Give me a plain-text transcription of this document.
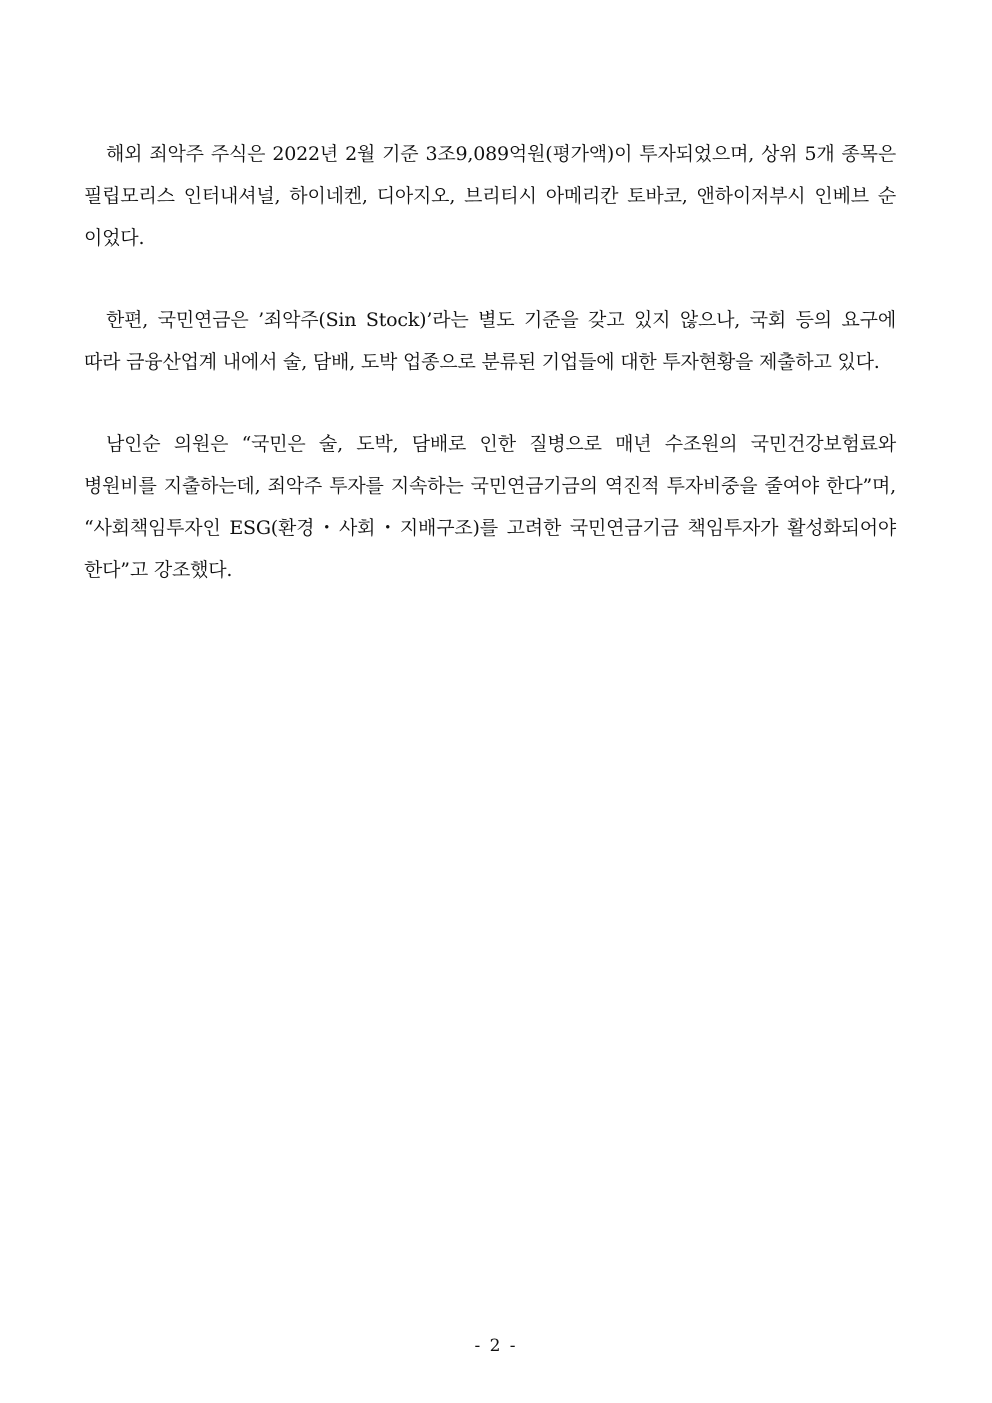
해외 죄악주 주식은 2022년 2월 기준 3조9,089억원(평가액)이 투자되었으며, 상위 5개 종목은 필립모리스 인터내셔널, 하이네켄, 디아지오, 브리티시 아메리칸 토바코, 앤하이저부시 인베브 순 이었다.

한편, 국민연금은 ’죄악주(Sin Stock)’라는 별도 기준을 갖고 있지 않으나, 국회 등의 요구에 따라 금융산업계 내에서 술, 담배, 도박 업종으로 분류된 기업들에 대한 투자현황을 제출하고 있다.

남인순 의원은 “국민은 술, 도박, 담배로 인한 질병으로 매년 수조원의 국민건강보험료와 병원비를 지출하는데, 죄악주 투자를 지속하는 국민연금기금의 역진적 투자비중을 줄여야 한다”며, “사회책임투자인 ESG(환경・사회・지배구조)를 고려한 국민연금기금 책임투자가 활성화되어야 한다”고 강조했다.

- 2 -
